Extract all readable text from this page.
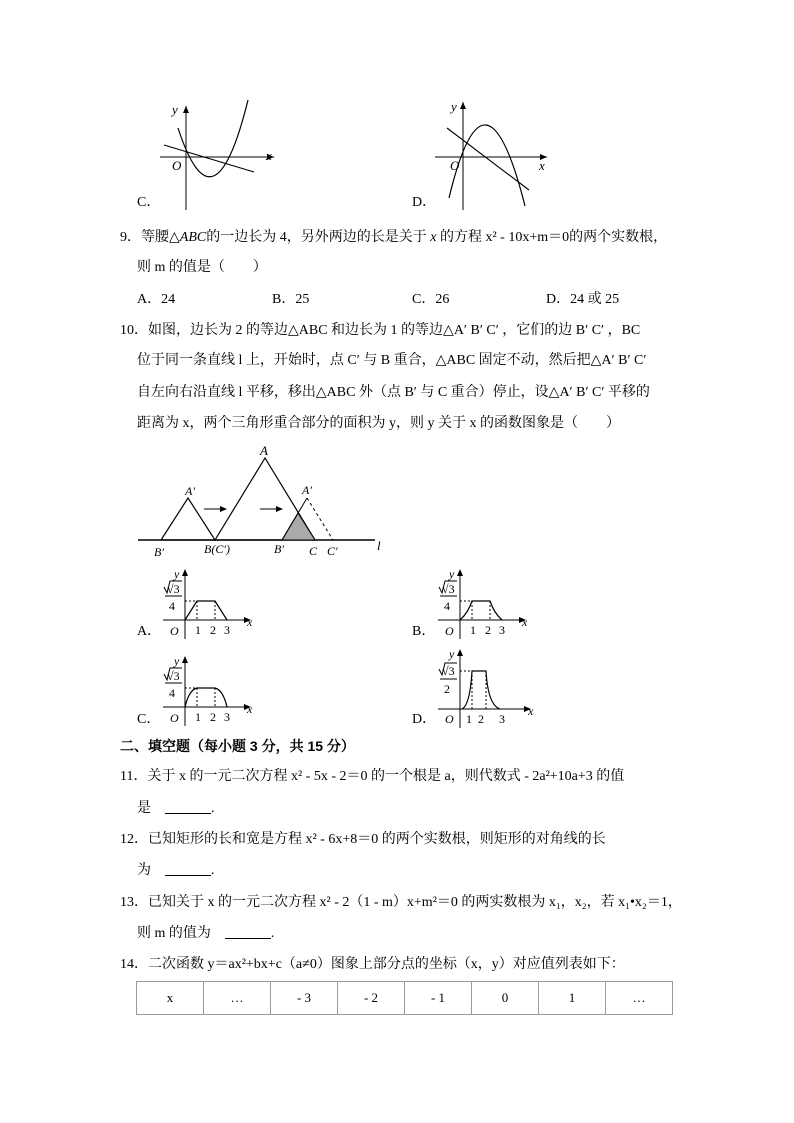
y
x
O
C．
y
x
O
D．
9．等腰△ABC的一边长为 4，另外两边的长是关于 x 的方程 x² - 10x+m＝0的两个实数根，
则 m 的值是（　　）
A．24	B．25	C．26	D．24 或 25
10．如图，边长为 2 的等边△ABC 和边长为 1 的等边△A′ B′ C′ ，它们的边 B′ C′ ，BC
位于同一条直线 l 上，开始时，点 C′ 与 B 重合，△ABC 固定不动，然后把△A′ B′ C′
自左向右沿直线 l 平移，移出△ABC 外（点 B′ 与 C 重合）停止，设△A′ B′ C′ 平移的
距离为 x，两个三角形重合部分的面积为 y，则 y 关于 x 的函数图象是（　　）
A
A′	A′
B′	B(C′)	B′ C C′	l
y
x
O
√3
4
1 2 3
A．
y
x
O
√3
4
1 2 3
B．
y
x
O
√3
4
1 2 3
C．
y
x
O
√3
2
1 2 3
D．
二、填空题（每小题 3 分，共 15 分）
11．关于 x 的一元二次方程 x² - 5x - 2＝0 的一个根是 a，则代数式 - 2a²+10a+3 的值
是　	.
12．已知矩形的长和宽是方程 x² - 6x+8＝0 的两个实数根，则矩形的对角线的长
为　	.
13．已知关于 x 的一元二次方程 x² - 2（1 - m）x+m²＝0 的两实数根为 x₁，x₂，若 x₁•x₂＝1，
则 m 的值为　	.
14．二次函数 y＝ax²+bx+c（a≠0）图象上部分点的坐标（x，y）对应值列表如下：
x	…	- 3	- 2	- 1	0	1	…
